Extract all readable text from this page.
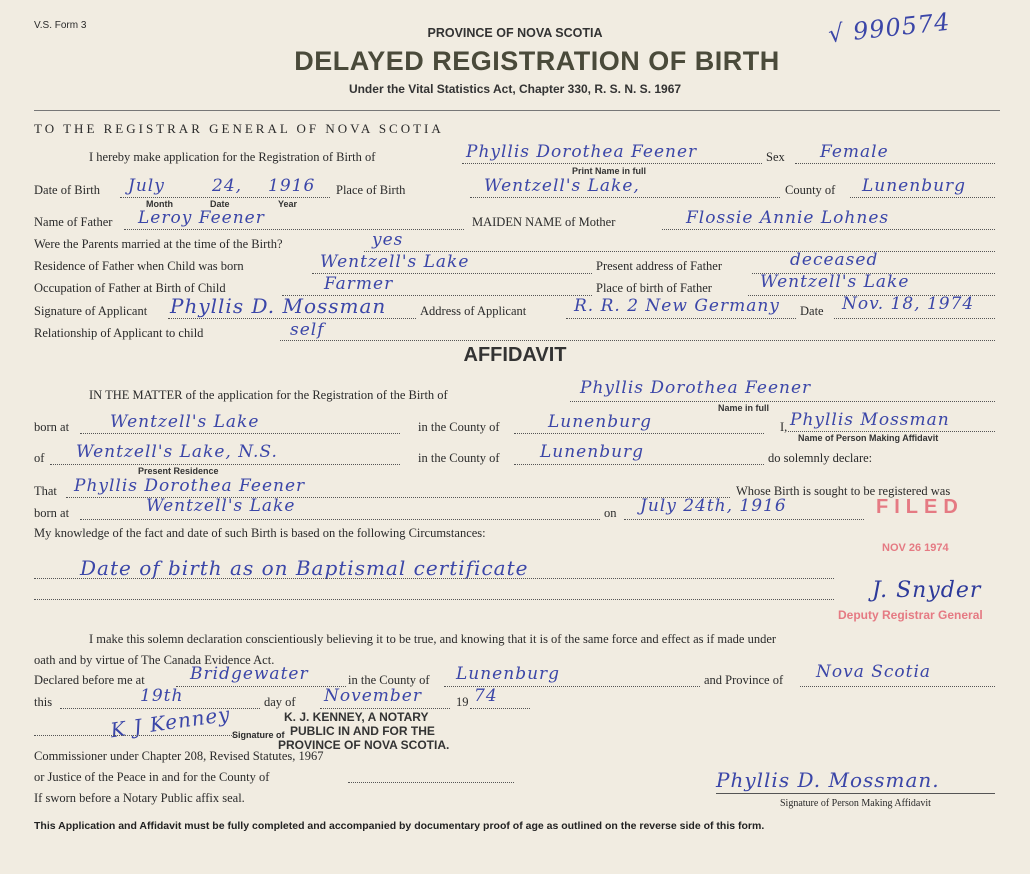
V.S. Form 3	√ 990574
PROVINCE OF NOVA SCOTIA
DELAYED REGISTRATION OF BIRTH
Under the Vital Statistics Act, Chapter 330, R. S. N. S. 1967
TO THE REGISTRAR GENERAL OF NOVA SCOTIA
I hereby make application for the Registration of Birth of	Phyllis Dorothea Feener
Print Name in full
Sex Female
Date of Birth July	24, 1916
Month	Date	Year
Place of Birth	Wentzell's Lake,	County of Lunenburg
Name of Father Leroy Feener	MAIDEN NAME of Mother	Flossie Annie Lohnes
Were the Parents married at the time of the Birth?	yes
Residence of Father when Child was born	Wentzell's Lake	Present address of Father	deceased
Occupation of Father at Birth of Child	Farmer	Place of birth of Father	Wentzell's Lake
Signature of Applicant Phyllis D. Mossman	Address of Applicant	R. R. 2 New Germany Date Nov. 18, 1974
Relationship of Applicant to child	self
AFFIDAVIT
IN THE MATTER of the application for the Registration of the Birth of	Phyllis Dorothea Feener
Name in full
born at Wentzell's Lake	in the County of	Lunenburg	I, Phyllis Mossman
Name of Person Making Affidavit
of Wentzell's Lake, N.S.
Present Residence
in the County of Lunenburg	do solemnly declare:
That Phyllis Dorothea Feener	Whose Birth is sought to be registered was
born at	Wentzell's Lake	on July 24th, 1916
My knowledge of the fact and date of such Birth is based on the following Circumstances:
Date of birth as on Baptismal certificate
I make this solemn declaration conscientiously believing it to be true, and knowing that it is of the same force and effect as if made under
oath and by virtue of The Canada Evidence Act.
Declared before me at	Bridgewater	in the County of Lunenburg	and Province of Nova Scotia
this	19th	day of November	19 74
K J Kenney Signature of
K. J. KENNEY, A NOTARY
PUBLIC IN AND FOR THE
PROVINCE OF NOVA SCOTIA.
Commissioner under Chapter 208, Revised Statutes, 1967
or Justice of the Peace in and for the County of
If sworn before a Notary Public affix seal.
Phyllis D. Mossman.
Signature of Person Making Affidavit
FILED
NOV 26 1974
J. Snyder
Deputy Registrar General
This Application and Affidavit must be fully completed and accompanied by documentary proof of age as outlined on the reverse side of this form.
